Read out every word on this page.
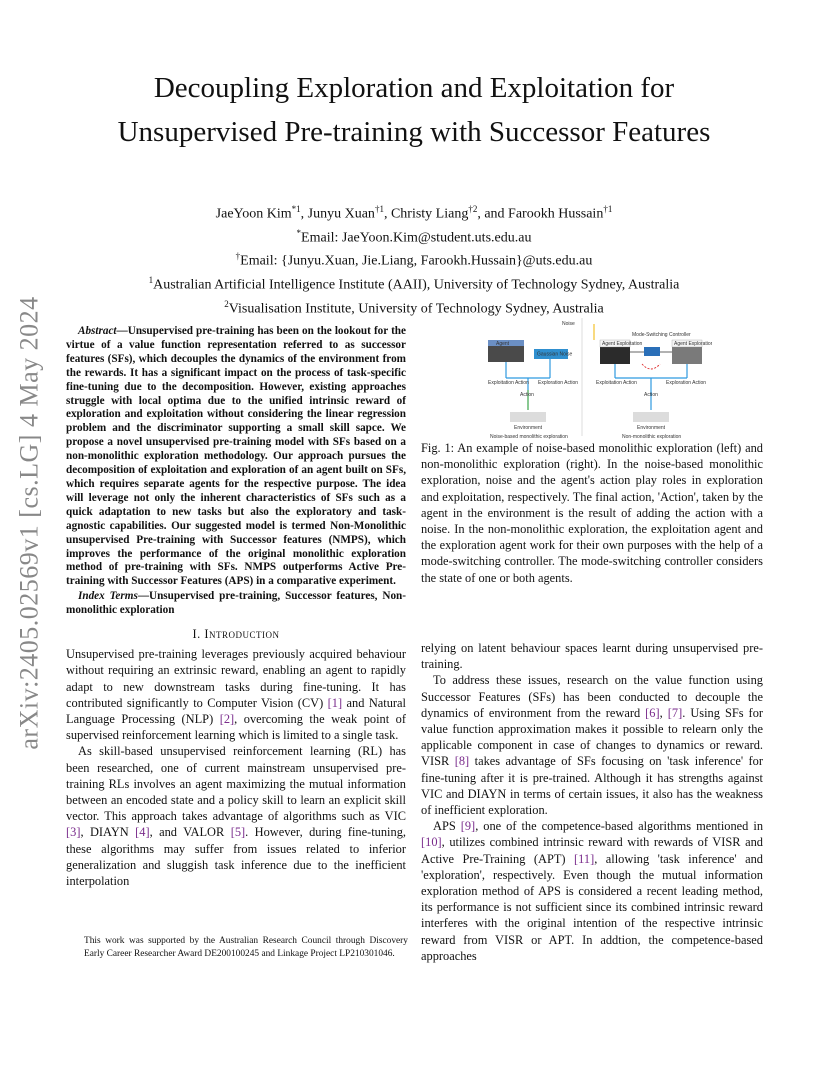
arXiv:2405.02569v1 [cs.LG] 4 May 2024
Decoupling Exploration and Exploitation for Unsupervised Pre-training with Successor Features
JaeYoon Kim$^{*1}$, Junyu Xuan$^{\dagger 1}$, Christy Liang$^{\dagger 2}$, and Farookh Hussain$^{\dagger 1}$
*Email: JaeYoon.Kim@student.uts.edu.au
†Email: {Junyu.Xuan, Jie.Liang, Farookh.Hussain}@uts.edu.au
$^1$Australian Artificial Intelligence Institute (AAII), University of Technology Sydney, Australia
$^2$Visualisation Institute, University of Technology Sydney, Australia

Abstract—Unsupervised pre-training has been on the lookout for the virtue of a value function representation referred to as successor features (SFs), which decouples the dynamics of the environment from the rewards. It has a significant impact on the process of task-specific fine-tuning due to the decomposition. However, existing approaches struggle with local optima due to the unified intrinsic reward of exploration and exploitation without considering the linear regression problem and the discriminator supporting a small skill sapce. We propose a novel unsupervised pre-training model with SFs based on a non-monolithic exploration methodology. Our approach pursues the decomposition of exploitation and exploration of an agent built on SFs, which requires separate agents for the respective purpose. The idea will leverage not only the inherent characteristics of SFs such as a quick adaptation to new tasks but also the exploratory and task-agnostic capabilities. Our suggested model is termed Non-Monolithic unsupervised Pre-training with Successor features (NMPS), which improves the performance of the original monolithic exploration method of pre-training with SFs. NMPS outperforms Active Pre-training with Successor Features (APS) in a comparative experiment.

Index Terms—Unsupervised pre-training, Successor features, Non-monolithic exploration

I. Introduction

Unsupervised pre-training leverages previously acquired behaviour without requiring an extrinsic reward, enabling an agent to rapidly adapt to new downstream tasks during fine-tuning. It has contributed significantly to Computer Vision (CV) [1] and Natural Language Processing (NLP) [2], overcoming the weak point of supervised reinforcement learning which is limited to a single task.

As skill-based unsupervised reinforcement learning (RL) has been researched, one of current mainstream unsupervised pre-training RLs involves an agent maximizing the mutual information between an encoded state and a policy skill to learn an explicit skill vector. This approach takes advantage of algorithms such as VIC [3], DIAYN [4], and VALOR [5]. However, during fine-tuning, these algorithms may suffer from issues related to inferior generalization and sluggish task inference due to the inefficient interpolation

This work was supported by the Australian Research Council through Discovery Early Career Researcher Award DE200100245 and Linkage Project LP210301046.
Noise
Agent
Gaussian Noise
Exploitation Action Exploration Action
Action
Environment
Noise-based monolithic exploration
Agent Exploitation	Agent Exploration
Mode-Switching Controller
Exploitation Action	Exploration Action
Action
Environment
Non-monolithic exploration

Fig. 1: An example of noise-based monolithic exploration (left) and non-monolithic exploration (right). In the noise-based monolithic exploration, noise and the agent's action play roles in exploration and exploitation, respectively. The final action, 'Action', taken by the agent in the environment is the result of adding the action with a noise. In the non-monolithic exploration, the exploitation agent and the exploration agent work for their own purposes with the help of a mode-switching controller. The mode-switching controller considers the state of one or both agents.

relying on latent behaviour spaces learnt during unsupervised pre-training.

To address these issues, research on the value function using Successor Features (SFs) has been conducted to decouple the dynamics of environment from the reward [6], [7]. Using SFs for value function approximation makes it possible to relearn only the applicable component in case of changes to dynamics or reward. VISR [8] takes advantage of SFs focusing on 'task inference' for fine-tuning after it is pre-trained. Although it has strengths against VIC and DIAYN in terms of certain issues, it also has the weakness of inefficient exploration.

APS [9], one of the competence-based algorithms mentioned in [10], utilizes combined intrinsic reward with rewards of VISR and Active Pre-Training (APT) [11], allowing 'task inference' and 'exploration', respectively. Even though the mutual information exploration method of APS is considered a recent leading method, its performance is not sufficient since its combined intrinsic reward interferes with the original intention of the respective intrinsic reward from VISR or APT. In addtion, the competence-based approaches
